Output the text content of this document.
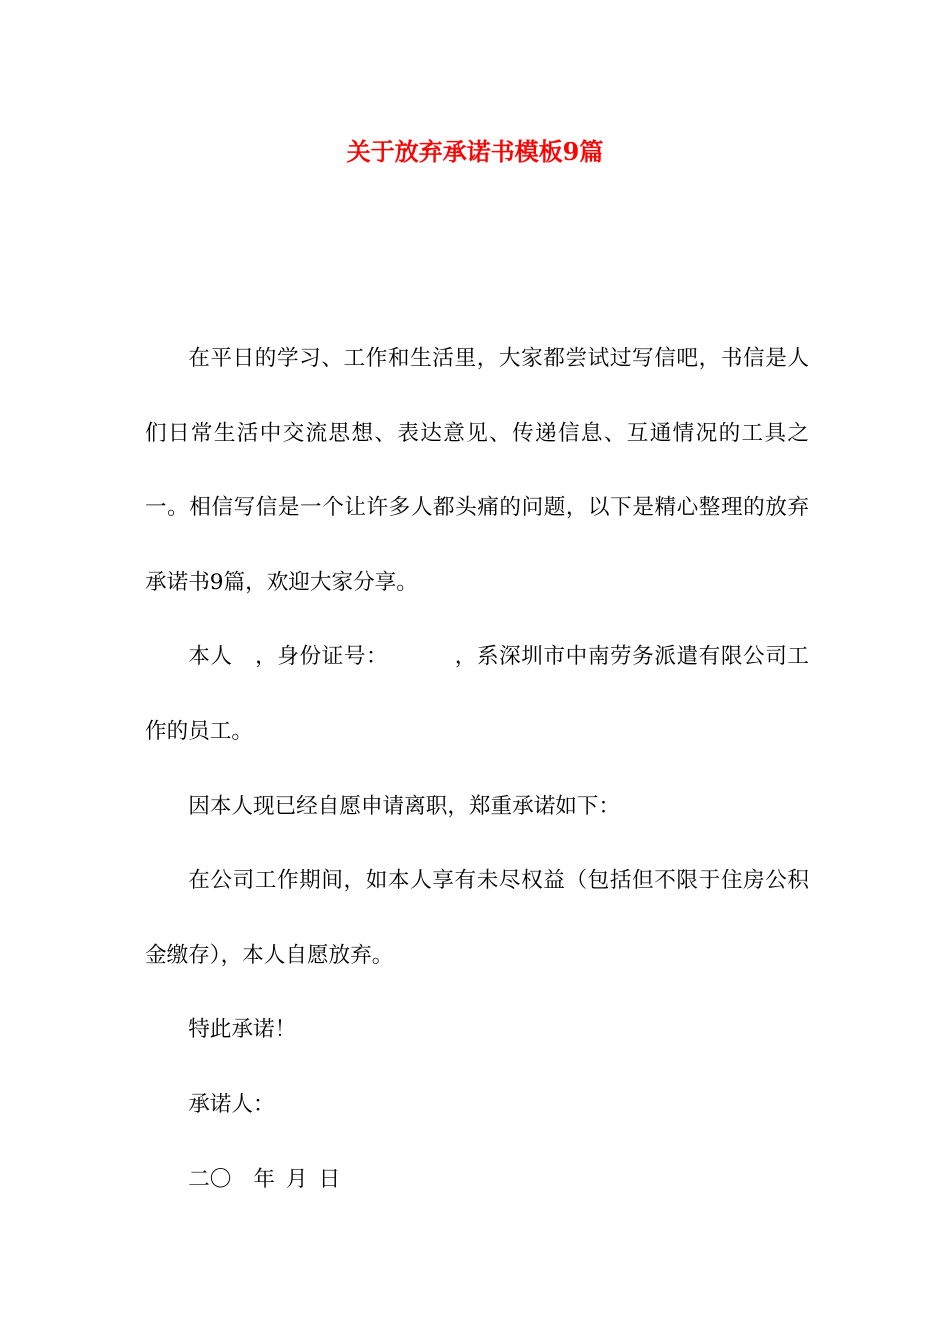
关于放弃承诺书模板9篇

在平日的学习、工作和生活里，大家都尝试过写信吧，书信是人们日常生活中交流思想、表达意见、传递信息、互通情况的工具之一。相信写信是一个让许多人都头痛的问题，以下是精心整理的放弃承诺书9篇，欢迎大家分享。

本人 ，身份证号：	，系深圳市中南劳务派遣有限公司工作的员工。

因本人现已经自愿申请离职，郑重承诺如下：

在公司工作期间，如本人享有未尽权益（包括但不限于住房公积金缴存），本人自愿放弃。

特此承诺！

承诺人：

二〇 年 月 日
